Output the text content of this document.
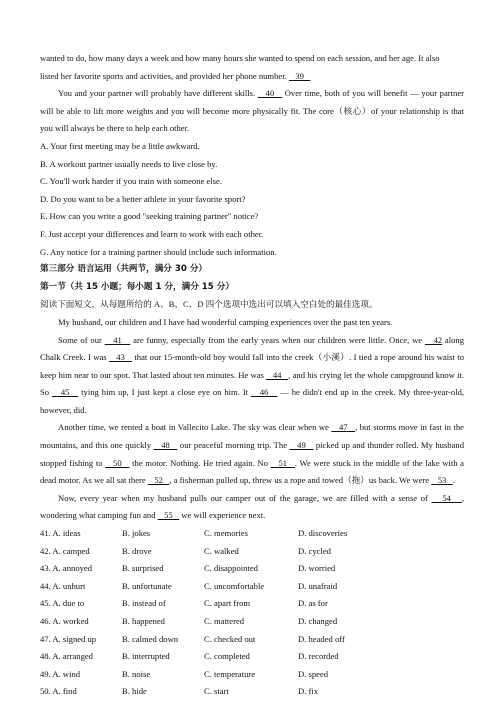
wanted to do, how many days a week and how many hours she wanted to spend on each session, and her age. It also

listed her favorite sports and activities, and provided her phone number.    39

You and your partner will probably have different skills.    40    Over time, both of you will benefit — your partner will be able to lift more weights and you will become more physically fit. The core（核心）of your relationship is that you will always be there to help each other.

A. Your first meeting may be a little awkward.

B. A workout partner usually needs to live close by.

C. You'll work harder if you train with someone else.

D. Do you want to be a better athlete in your favorite sport?

E. How can you write a good "seeking training partner" notice?

F. Just accept your differences and learn to work with each other.

G. Any notice for a training partner should include such information.

第三部分 语言运用（共两节，满分 30 分）

第一节（共 15 小题；每小题 1 分，满分 15 分）

阅读下面短文，从每题所给的 A、B、C、D 四个选项中选出可以填入空白处的最佳选项。

My husband, our children and I have had wonderful camping experiences over the past ten years.

Some of our    41    are funny, especially from the early years when our children were little. Once, we    42 along Chalk Creek. I was    43    that our 15-month-old boy would fall into the creek（小溪）. I tied a rope around his waist to keep him near to our spot. That lasted about ten minutes. He was    44   , and his crying let the whole campground know it. So    45    tying him up, I just kept a close eye on him. It    46    — he didn't end up in the creek. My three-year-old, however, did.

Another time, we rented a boat in Vallecito Lake. The sky was clear when we    47   , but storms move in fast in the mountains, and this one quickly    48    our peaceful morning trip. The    49    picked up and thunder rolled. My husband stopped fishing to    50    the motor. Nothing. He tried again. No    51   . We were stuck in the middle of the lake with a dead motor. As we all sat there    52   , a fisherman pulled up, threw us a rope and towed（拖）us back. We were    53   .

Now, every year when my husband pulls our camper out of the garage, we are filled with a sense of    54   , wondering what camping fun and    55    we will experience next.

41. A. ideas	B. jokes	C. memories	D. discoveries
42. A. camped	B. drove	C. walked	D. cycled
43. A. annoyed	B. surprised	C. disappointed	D. worried
44. A. unhurt	B. unfortunate	C. uncomfortable	D. unafraid
45. A. due to	B. instead of	C. apart from	D. as for
46. A. worked	B. happened	C. mattered	D. changed
47. A. signed up	B. calmed down	C. checked out	D. headed off
48. A. arranged	B. interrupted	C. completed	D. recorded
49. A. wind	B. noise	C. temperature	D. speed
50. A. find	B. hide	C. start	D. fix
